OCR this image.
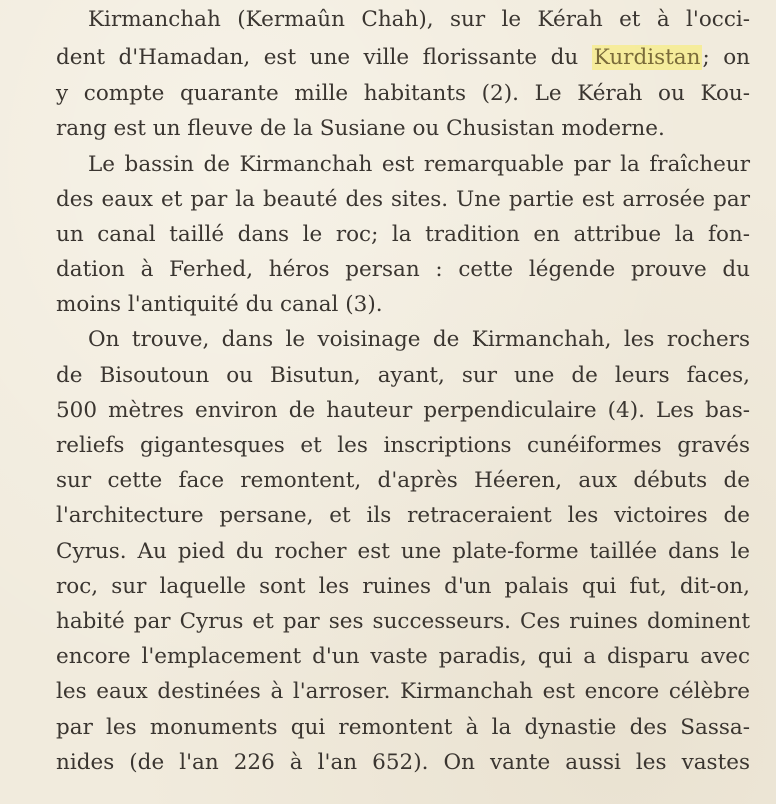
Kirmanchah (Kermaûn Chah), sur le Kérah et à l'occi-
dent d'Hamadan, est une ville florissante du Kurdistan; on
y compte quarante mille habitants (2). Le Kérah ou Kou-
rang est un fleuve de la Susiane ou Chusistan moderne.
Le bassin de Kirmanchah est remarquable par la fraîcheur
des eaux et par la beauté des sites. Une partie est arrosée par
un canal taillé dans le roc; la tradition en attribue la fon-
dation à Ferhed, héros persan : cette légende prouve du
moins l'antiquité du canal (3).
On trouve, dans le voisinage de Kirmanchah, les rochers
de Bisoutoun ou Bisutun, ayant, sur une de leurs faces,
500 mètres environ de hauteur perpendiculaire (4). Les bas-
reliefs gigantesques et les inscriptions cunéiformes gravés
sur cette face remontent, d'après Héeren, aux débuts de
l'architecture persane, et ils retraceraient les victoires de
Cyrus. Au pied du rocher est une plate-forme taillée dans le
roc, sur laquelle sont les ruines d'un palais qui fut, dit-on,
habité par Cyrus et par ses successeurs. Ces ruines dominent
encore l'emplacement d'un vaste paradis, qui a disparu avec
les eaux destinées à l'arroser. Kirmanchah est encore célèbre
par les monuments qui remontent à la dynastie des Sassa-
nides (de l'an 226 à l'an 652). On vante aussi les vastes
